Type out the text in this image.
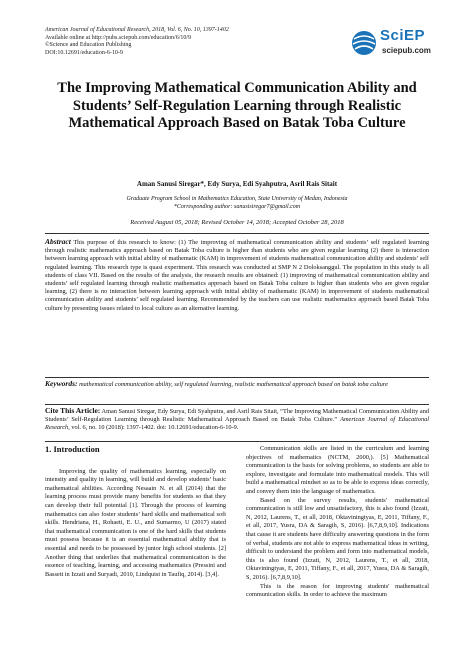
American Journal of Educational Research, 2018, Vol. 6, No. 10, 1397-1402
Available online at http://pubs.sciepub.com/education/6/10/9
©Science and Education Publishing
DOI:10.12691/education-6-10-9
SciEP
sciepub.com
The Improving Mathematical Communication Ability and Students’ Self-Regulation Learning through Realistic Mathematical Approach Based on Batak Toba Culture
Aman Sanusi Siregar*, Edy Surya, Edi Syahputra, Asril Rais Sitait
Graduate Program School in Mathematics Education, State University of Medan, Indonesia
*Corresponding author: sanusisiregar7@gmail.com
Received August 05, 2018; Revised October 14, 2018; Accepted October 28, 2018
Abstract This purpose of this research to know: (1) The improving of mathematical communication ability and students’ self regulated learning through realistic mathematics approach based on Batak Toba culture is higher than students who are given regular learning (2) there is interaction between learning approach with initial ability of mathematic (KAM) in improvement of students mathematical communication ability and students’ self regulated learning. This research type is quasi experiment. This research was conducted at SMP N 2 Doloksanggul. The population in this study is all students of class VII. Based on the results of the analysis, the research results are obtained: (1) improving of mathematical communication ability and students’ self regulated learning through realistic mathematics approach based on Batak Toba culture is higher than students who are given regular learning, (2) there is no interaction between learning approach with initial ability of mathematic (KAM) in improvement of students mathematical communication ability and students’ self regulated learning. Recommended by the teachers can use realistic mathematics approach based Batak Toba culture by presenting issues related to local culture as an alternative learning.
Keywords: mathematical communication ability, self regulated learning, realistic mathematical approach based on batak toba culture
Cite This Article: Aman Sanusi Siregar, Edy Surya, Edi Syahputra, and Asril Rais Sitait, “The Improving Mathematical Communication Ability and Students’ Self-Regulation Learning through Realistic Mathematical Approach Based on Batak Toba Culture.” American Journal of Educational Research, vol. 6, no. 10 (2018): 1397-1402. doi: 10.12691/education-6-10-9.
1. Introduction

Improving the quality of mathematics learning, especially on intensity and quality in learning, will build and develop students’ basic mathematical abilities. According Nesaain N. et all (2014) that the learning process must provide many benefits for students so that they can develop their full potential [1]. Through the process of learning mathematics can also foster students’ hard skills and mathematical soft skills. Hendriana, H., Rohaeti, E. U., and Sumarmo, U (2017) stated that mathematical communication is one of the hard skills that students must possess because it is an essential mathematical ability that is essential and needs to be possessed by junior high school students. [2] Another thing that underlies that mathematical communication is the essence of teaching, learning, and accessing mathematics (Pressini and Bassett in Izzati and Suryadi, 2010, Lindquist in Taufiq, 2014). [3,4].

Communication skills are listed in the curriculum and learning objectives of mathematics (NCTM, 2000,). [5] Mathematical communication is the basis for solving problems, so students are able to explore, investigate and formulate into mathematical models. This will build a mathematical mindset so as to be able to express ideas correctly, and convey them into the language of mathematics.

Based on the survey results, students' mathematical communication is still low and unsatisfactory, this is also found (Izzati, N, 2012, Laurens, T., et all, 2018, Oktaviningtyas, E, 2011, Tiffany, F., et all, 2017, Yusra, DA & Saragih, S, 2016). [6,7,8,9,10]. Indications that cause it are students have difficulty answering questions in the form of verbal, students are not able to express mathematical ideas in writing, difficult to understand the problem and form into mathematical models, this is also found (Izzati, N, 2012, Laurens, T., et all, 2018, Oktaviningtyas, E, 2011, Tiffany, F., et all, 2017, Yusra, DA & Saragih, S, 2016). [6,7,8,9,10].

This is the reason for improving students' mathematical communication skills. In order to achieve the maximum
